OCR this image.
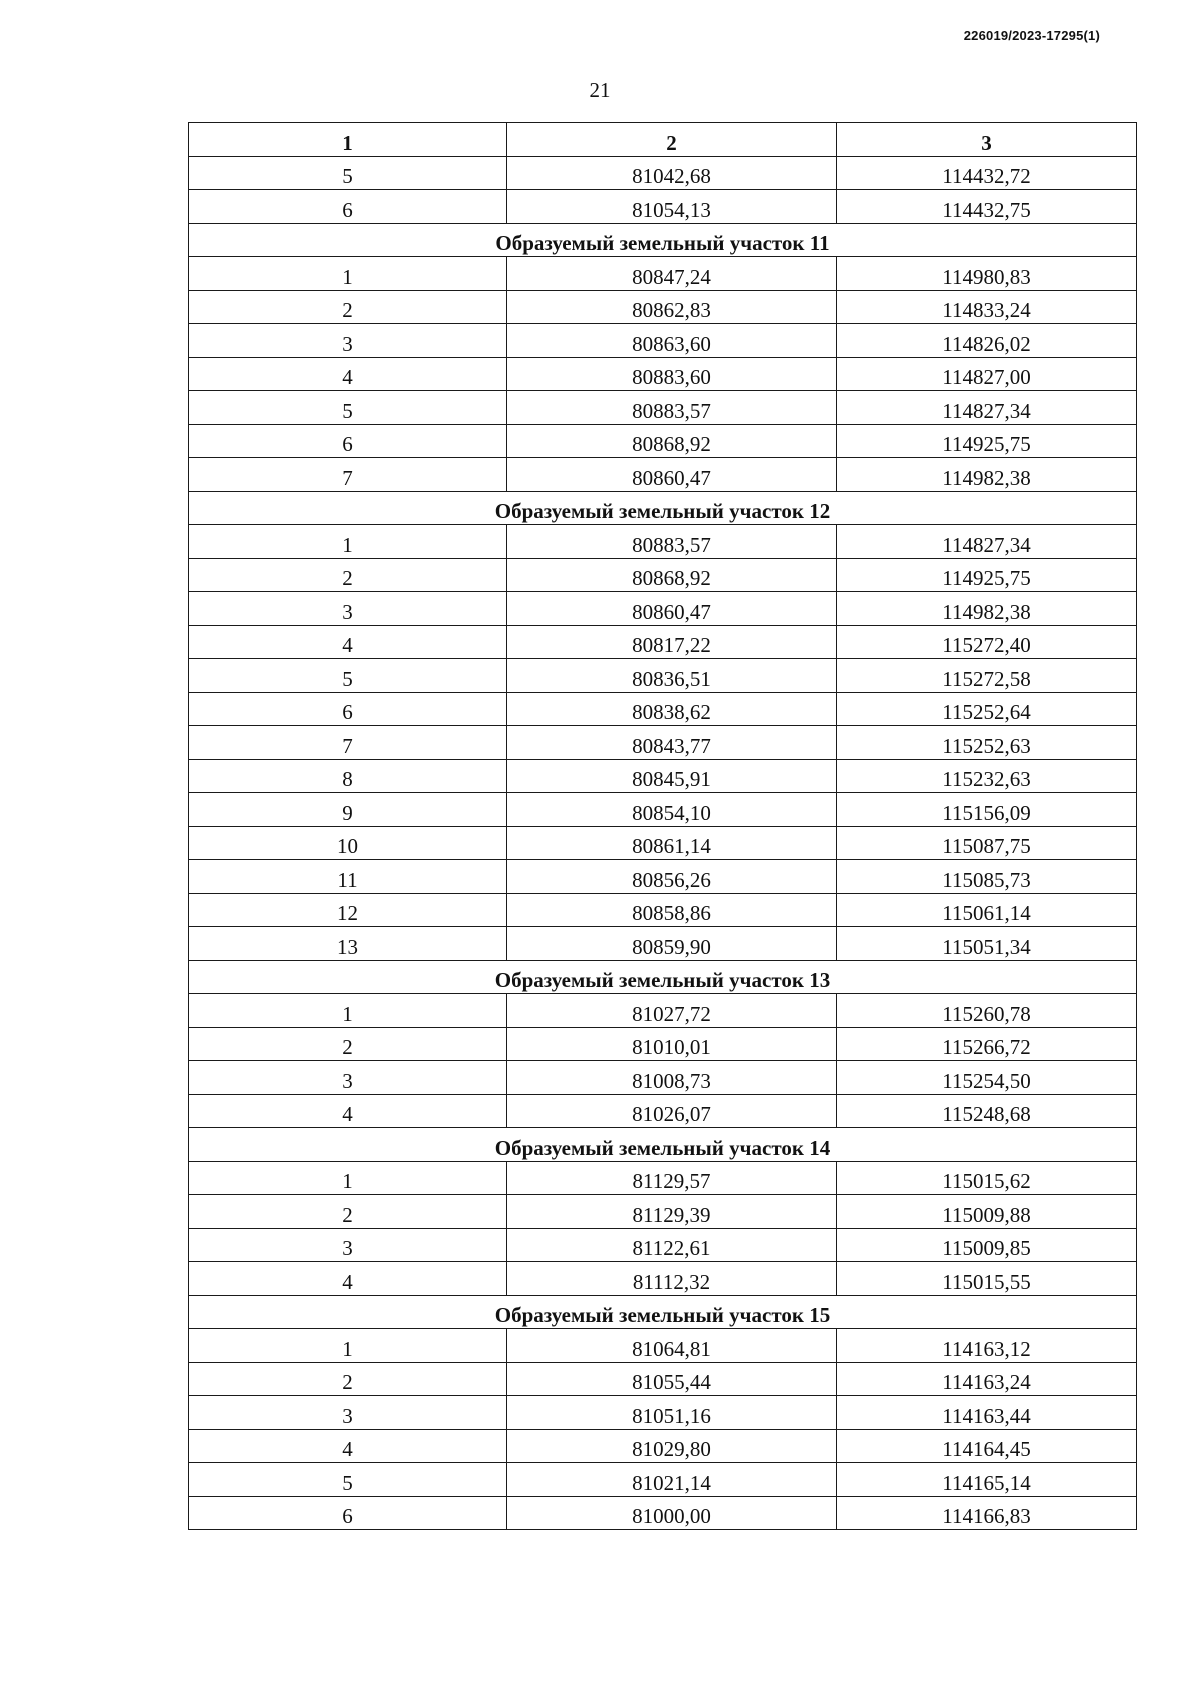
226019/2023-17295(1)
21
1	2	3
5	81042,68	114432,72
6	81054,13	114432,75
Образуемый земельный участок 11		
1	80847,24	114980,83
2	80862,83	114833,24
3	80863,60	114826,02
4	80883,60	114827,00
5	80883,57	114827,34
6	80868,92	114925,75
7	80860,47	114982,38
Образуемый земельный участок 12		
1	80883,57	114827,34
2	80868,92	114925,75
3	80860,47	114982,38
4	80817,22	115272,40
5	80836,51	115272,58
6	80838,62	115252,64
7	80843,77	115252,63
8	80845,91	115232,63
9	80854,10	115156,09
10	80861,14	115087,75
11	80856,26	115085,73
12	80858,86	115061,14
13	80859,90	115051,34
Образуемый земельный участок 13		
1	81027,72	115260,78
2	81010,01	115266,72
3	81008,73	115254,50
4	81026,07	115248,68
Образуемый земельный участок 14		
1	81129,57	115015,62
2	81129,39	115009,88
3	81122,61	115009,85
4	81112,32	115015,55
Образуемый земельный участок 15		
1	81064,81	114163,12
2	81055,44	114163,24
3	81051,16	114163,44
4	81029,80	114164,45
5	81021,14	114165,14
6	81000,00	114166,83
